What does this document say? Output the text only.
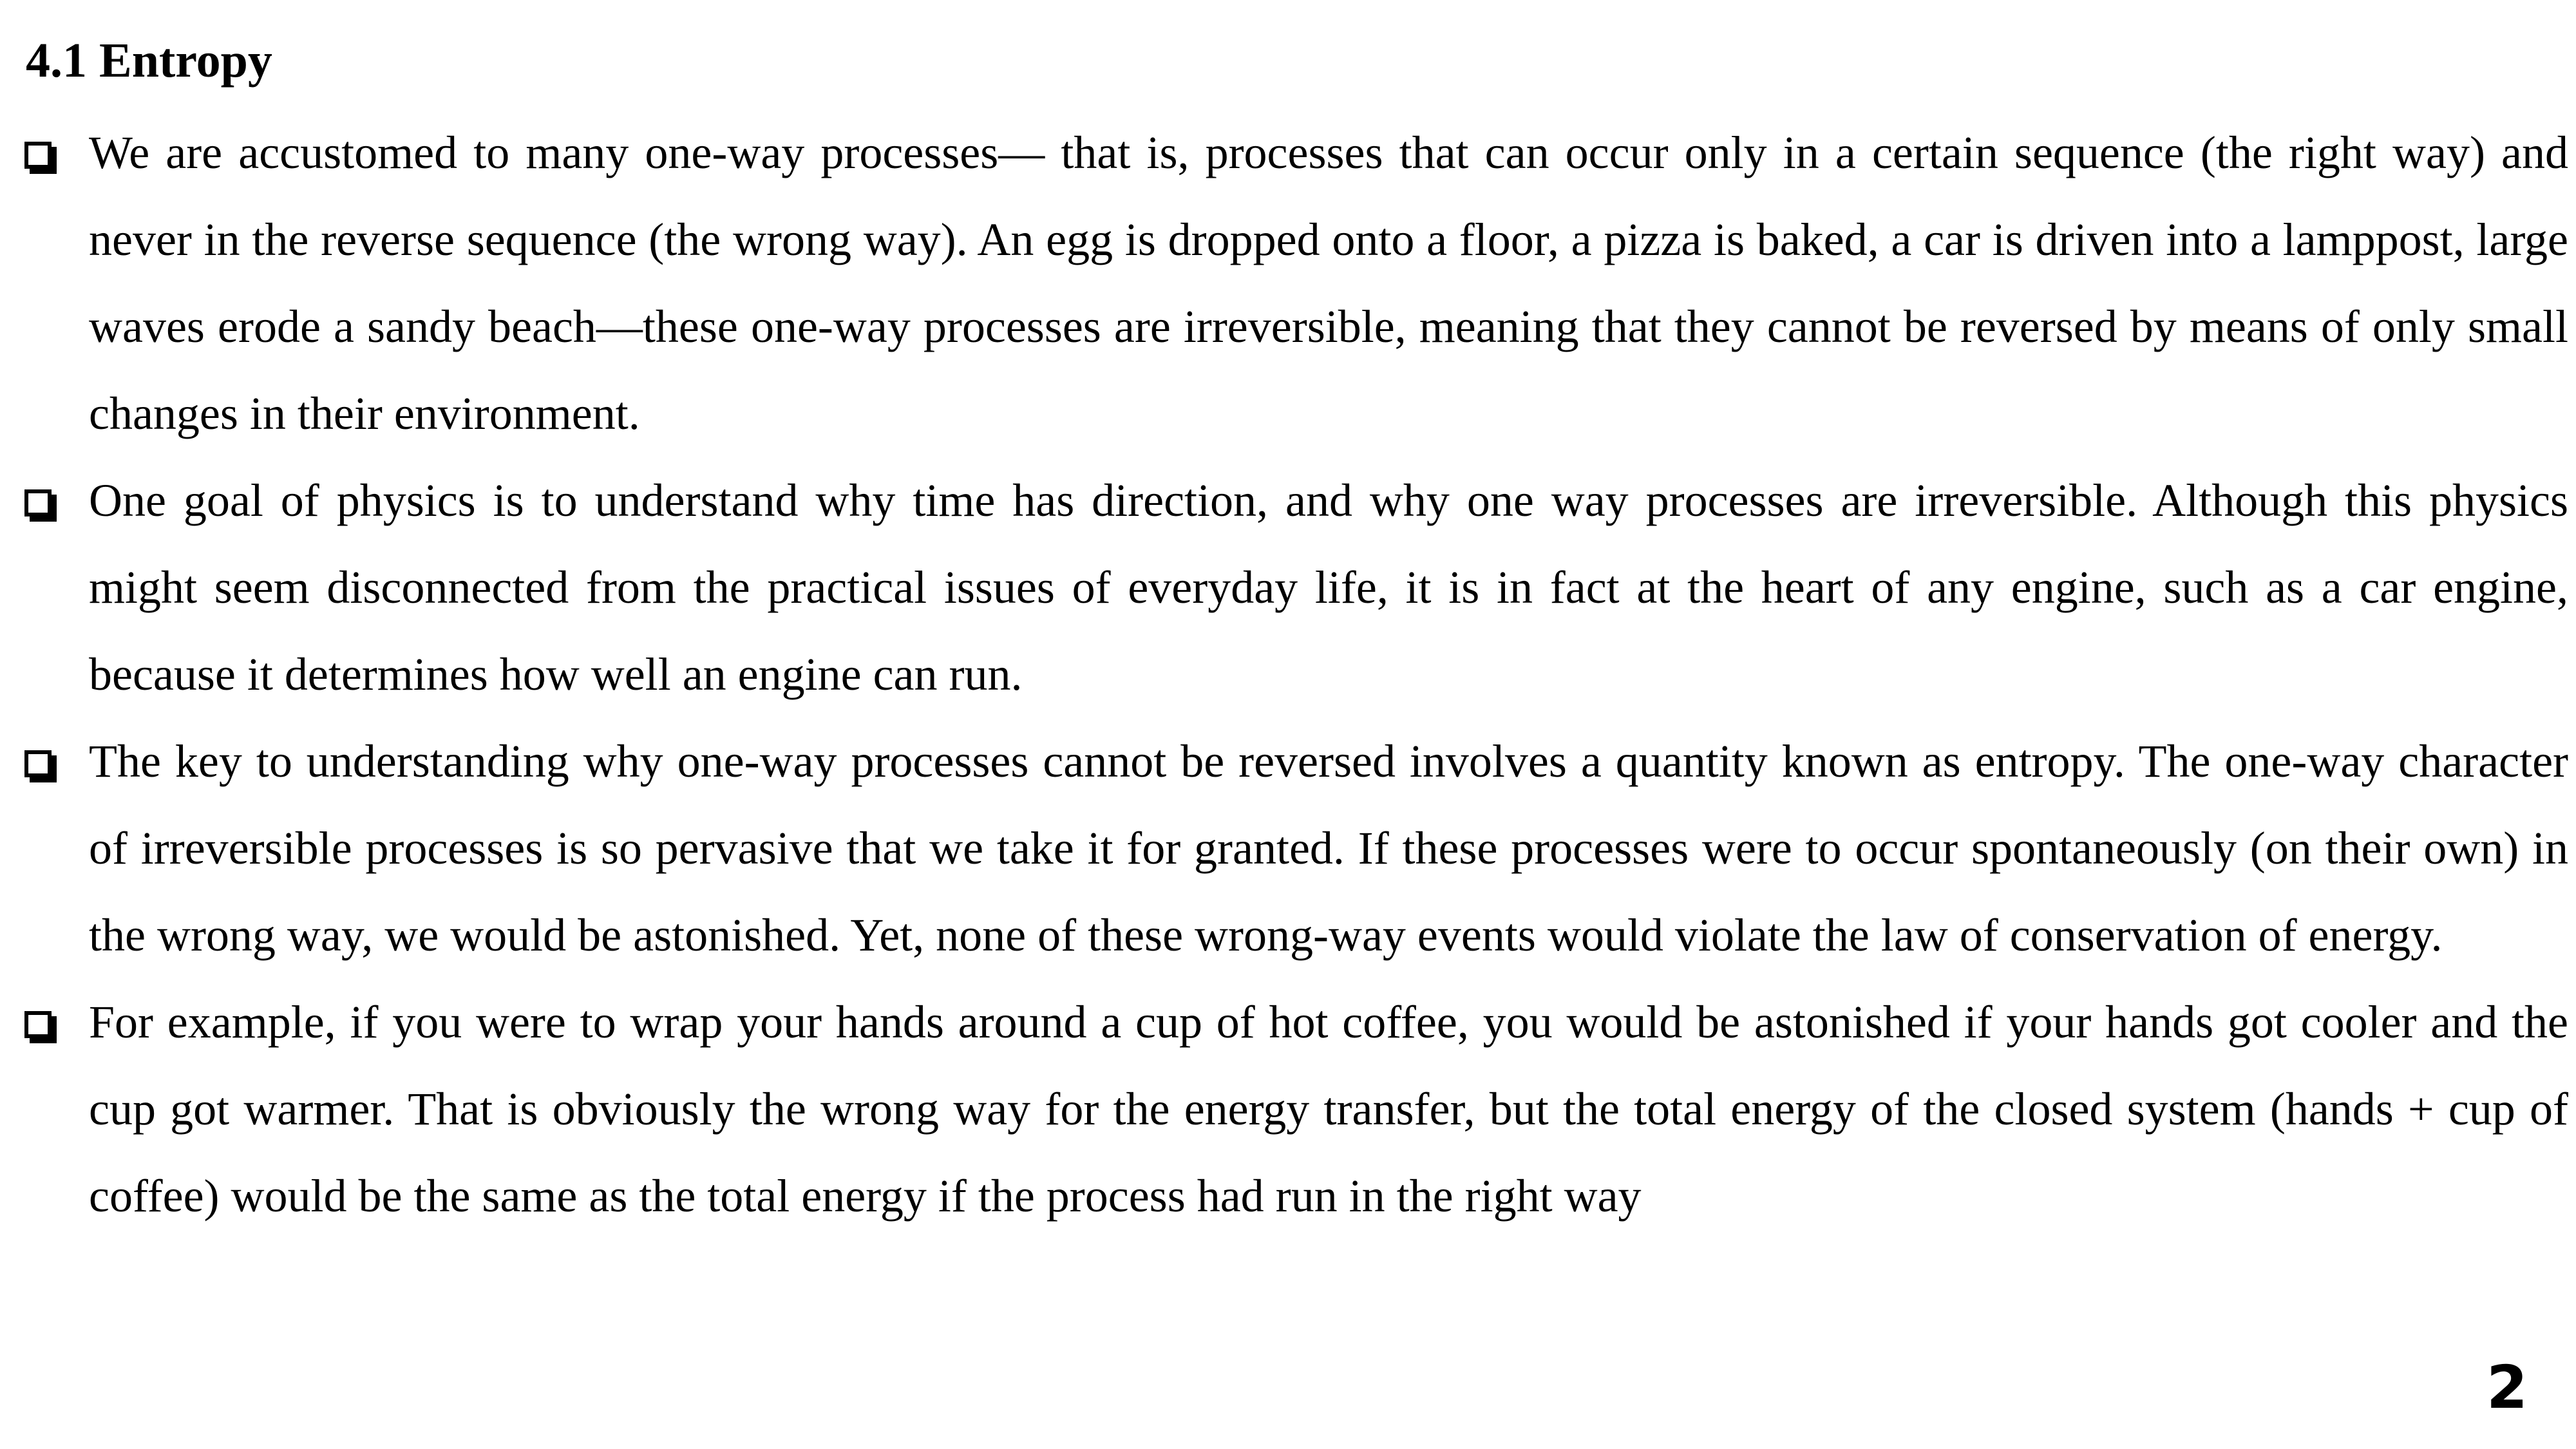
4.1 Entropy
We are accustomed to many one-way processes— that is, processes that can occur only in a certain sequence (the right way) and never in the reverse sequence (the wrong way). An egg is dropped onto a floor, a pizza is baked, a car is driven into a lamppost, large waves erode a sandy beach—these one-way processes are irreversible, meaning that they cannot be reversed by means of only small changes in their environment.
One goal of physics is to understand why time has direction, and why one way processes are irreversible. Although this physics might seem disconnected from the practical issues of everyday life, it is in fact at the heart of any engine, such as a car engine, because it determines how well an engine can run.
The key to understanding why one-way processes cannot be reversed involves a quantity known as entropy. The one-way character of irreversible processes is so pervasive that we take it for granted. If these processes were to occur spontaneously (on their own) in the wrong way, we would be astonished. Yet, none of these wrong-way events would violate the law of conservation of energy.
For example, if you were to wrap your hands around a cup of hot coffee, you would be astonished if your hands got cooler and the cup got warmer. That is obviously the wrong way for the energy transfer, but the total energy of the closed system (hands + cup of coffee) would be the same as the total energy if the process had run in the right way
2
